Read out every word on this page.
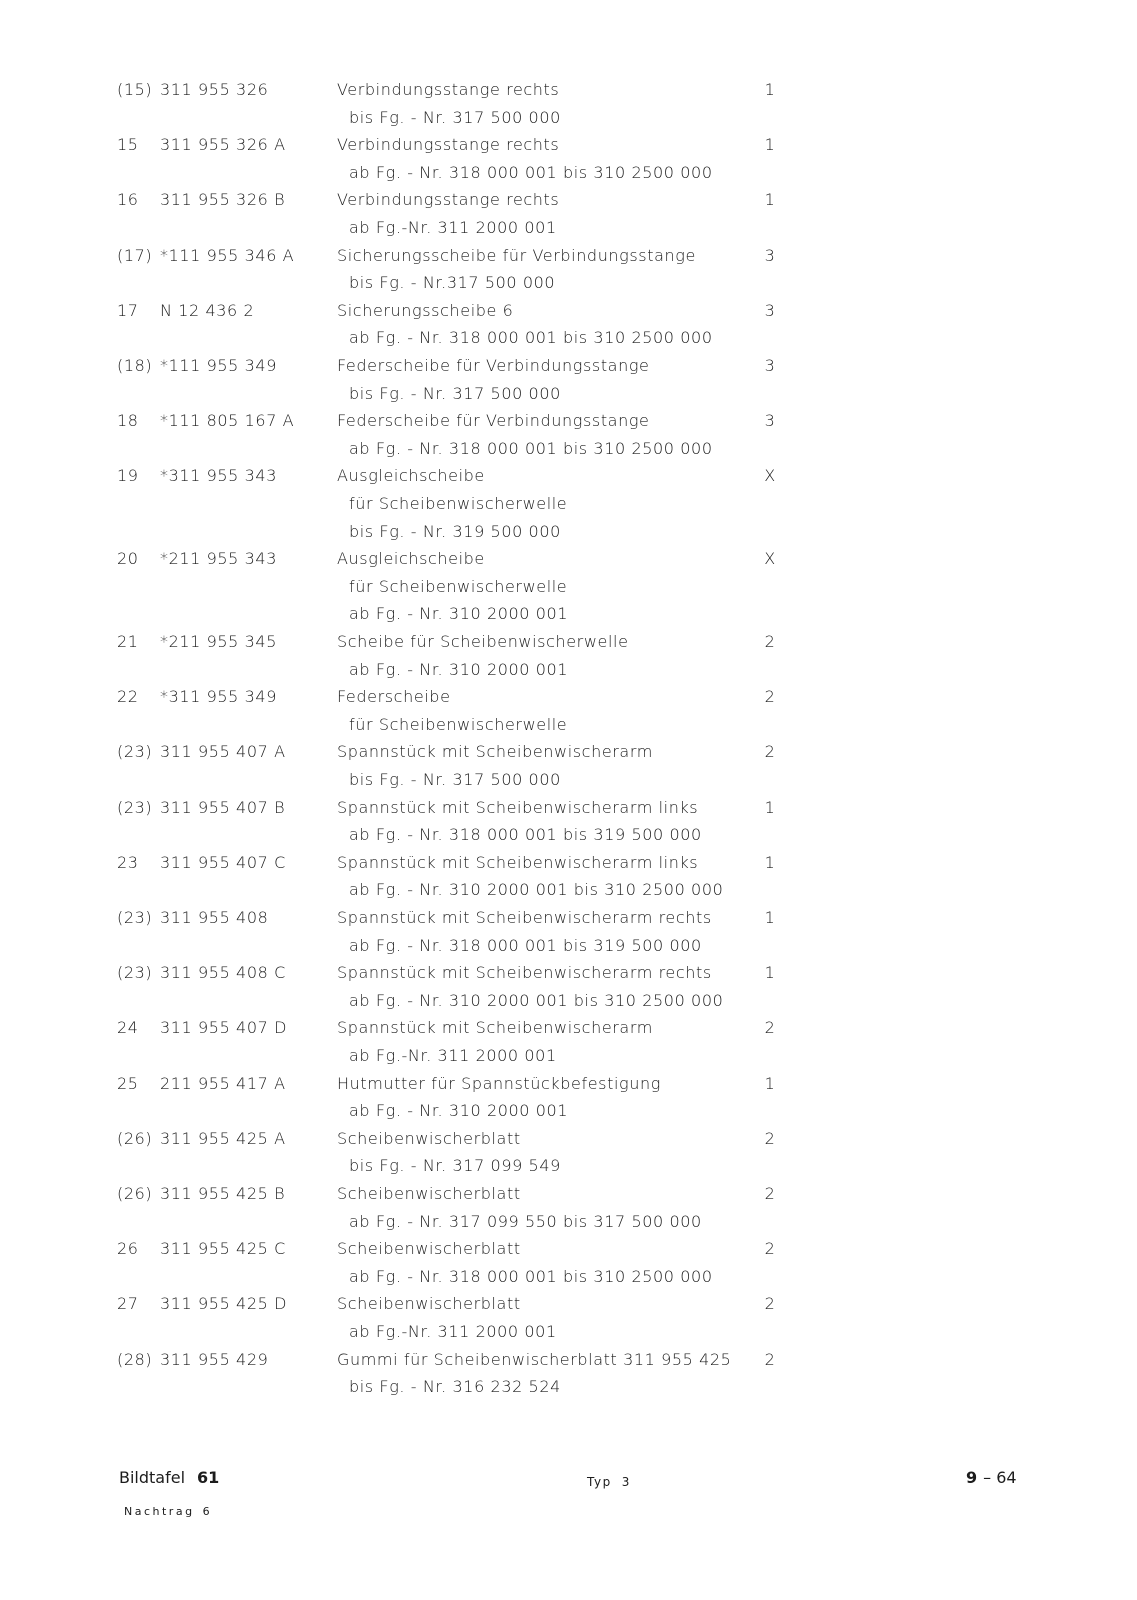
(15) 311 955 326	1
Verbindungsstange rechts
bis Fg. - Nr. 317 500 000
15 311 955 326 A	1
Verbindungsstange rechts
ab Fg. - Nr. 318 000 001 bis 310 2500 000
16 311 955 326 B	1
Verbindungsstange rechts
ab Fg.-Nr. 311 2000 001
(17) *111 955 346 A	3
Sicherungsscheibe für Verbindungsstange
bis Fg. - Nr.317 500 000
17 N 12 436 2	3
Sicherungsscheibe 6
ab Fg. - Nr. 318 000 001 bis 310 2500 000
(18) *111 955 349	3
Federscheibe für Verbindungsstange
bis Fg. - Nr. 317 500 000
18 *111 805 167 A	3
Federscheibe für Verbindungsstange
ab Fg. - Nr. 318 000 001 bis 310 2500 000
19 *311 955 343	X
Ausgleichscheibe
für Scheibenwischerwelle
bis Fg. - Nr. 319 500 000
20 *211 955 343	X
Ausgleichscheibe
für Scheibenwischerwelle
ab Fg. - Nr. 310 2000 001
21 *211 955 345	2
Scheibe für Scheibenwischerwelle
ab Fg. - Nr. 310 2000 001
22 *311 955 349	2
Federscheibe
für Scheibenwischerwelle
(23) 311 955 407 A	2
Spannstück mit Scheibenwischerarm
bis Fg. - Nr. 317 500 000
(23) 311 955 407 B	1
Spannstück mit Scheibenwischerarm links
ab Fg. - Nr. 318 000 001 bis 319 500 000
23 311 955 407 C	1
Spannstück mit Scheibenwischerarm links
ab Fg. - Nr. 310 2000 001 bis 310 2500 000
(23) 311 955 408	1
Spannstück mit Scheibenwischerarm rechts
ab Fg. - Nr. 318 000 001 bis 319 500 000
(23) 311 955 408 C	1
Spannstück mit Scheibenwischerarm rechts
ab Fg. - Nr. 310 2000 001 bis 310 2500 000
24 311 955 407 D	2
Spannstück mit Scheibenwischerarm
ab Fg.-Nr. 311 2000 001
25 211 955 417 A	1
Hutmutter für Spannstückbefestigung
ab Fg. - Nr. 310 2000 001
(26) 311 955 425 A	2
Scheibenwischerblatt
bis Fg. - Nr. 317 099 549
(26) 311 955 425 B	2
Scheibenwischerblatt
ab Fg. - Nr. 317 099 550 bis 317 500 000
26 311 955 425 C	2
Scheibenwischerblatt
ab Fg. - Nr. 318 000 001 bis 310 2500 000
27 311 955 425 D	2
Scheibenwischerblatt
ab Fg.-Nr. 311 2000 001
(28) 311 955 429	2
Gummi für Scheibenwischerblatt 311 955 425
bis Fg. - Nr. 316 232 524
Bildtafel 61
Nachtrag 6
Typ 3	9 – 64
